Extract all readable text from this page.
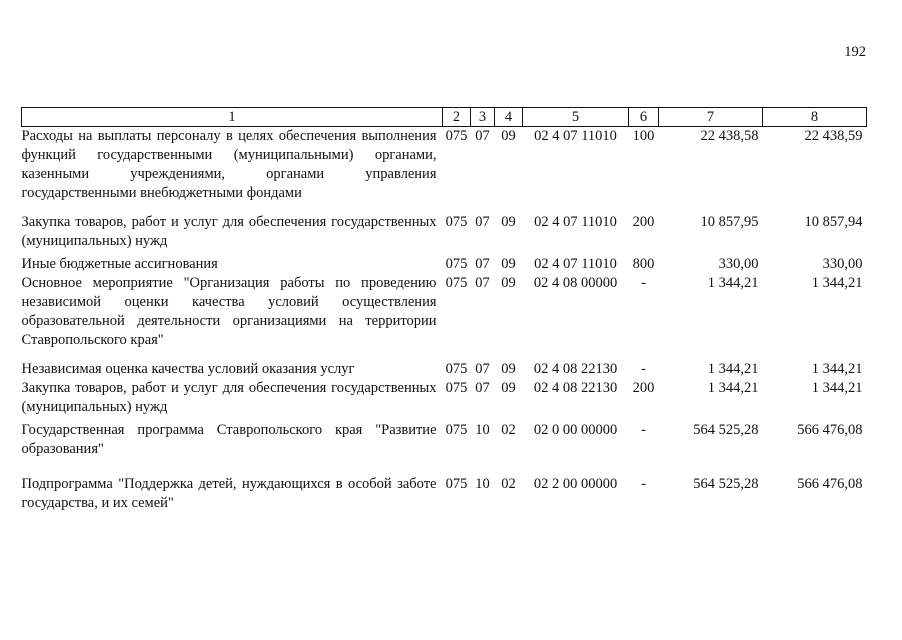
192
1	2	3	4	5	6	7	8
Расходы на выплаты персоналу в целях обеспечения выполнения функций государственными (муниципальными) органами, казенными учреждениями, органами управления государственными внебюджетными фондами	075	07	09	02 4 07 11010	100	22 438,58	22 438,59
Закупка товаров, работ и услуг для обеспечения государственных (муниципальных) нужд	075	07	09	02 4 07 11010	200	10 857,95	10 857,94
Иные бюджетные ассигнования	075	07	09	02 4 07 11010	800	330,00	330,00
Основное мероприятие "Организация работы по проведению независимой оценки качества условий осуществления образовательной деятельности организациями на территории Ставропольского края"	075	07	09	02 4 08 00000	-	1 344,21	1 344,21
Независимая оценка качества условий оказания услуг	075	07	09	02 4 08 22130	-	1 344,21	1 344,21
Закупка товаров, работ и услуг для обеспечения государственных (муниципальных) нужд	075	07	09	02 4 08 22130	200	1 344,21	1 344,21
Государственная программа Ставропольского края "Развитие образования"	075	10	02	02 0 00 00000	-	564 525,28	566 476,08
Подпрограмма "Поддержка детей, нуждающихся в особой заботе государства, и их семей"	075	10	02	02 2 00 00000	-	564 525,28	566 476,08
